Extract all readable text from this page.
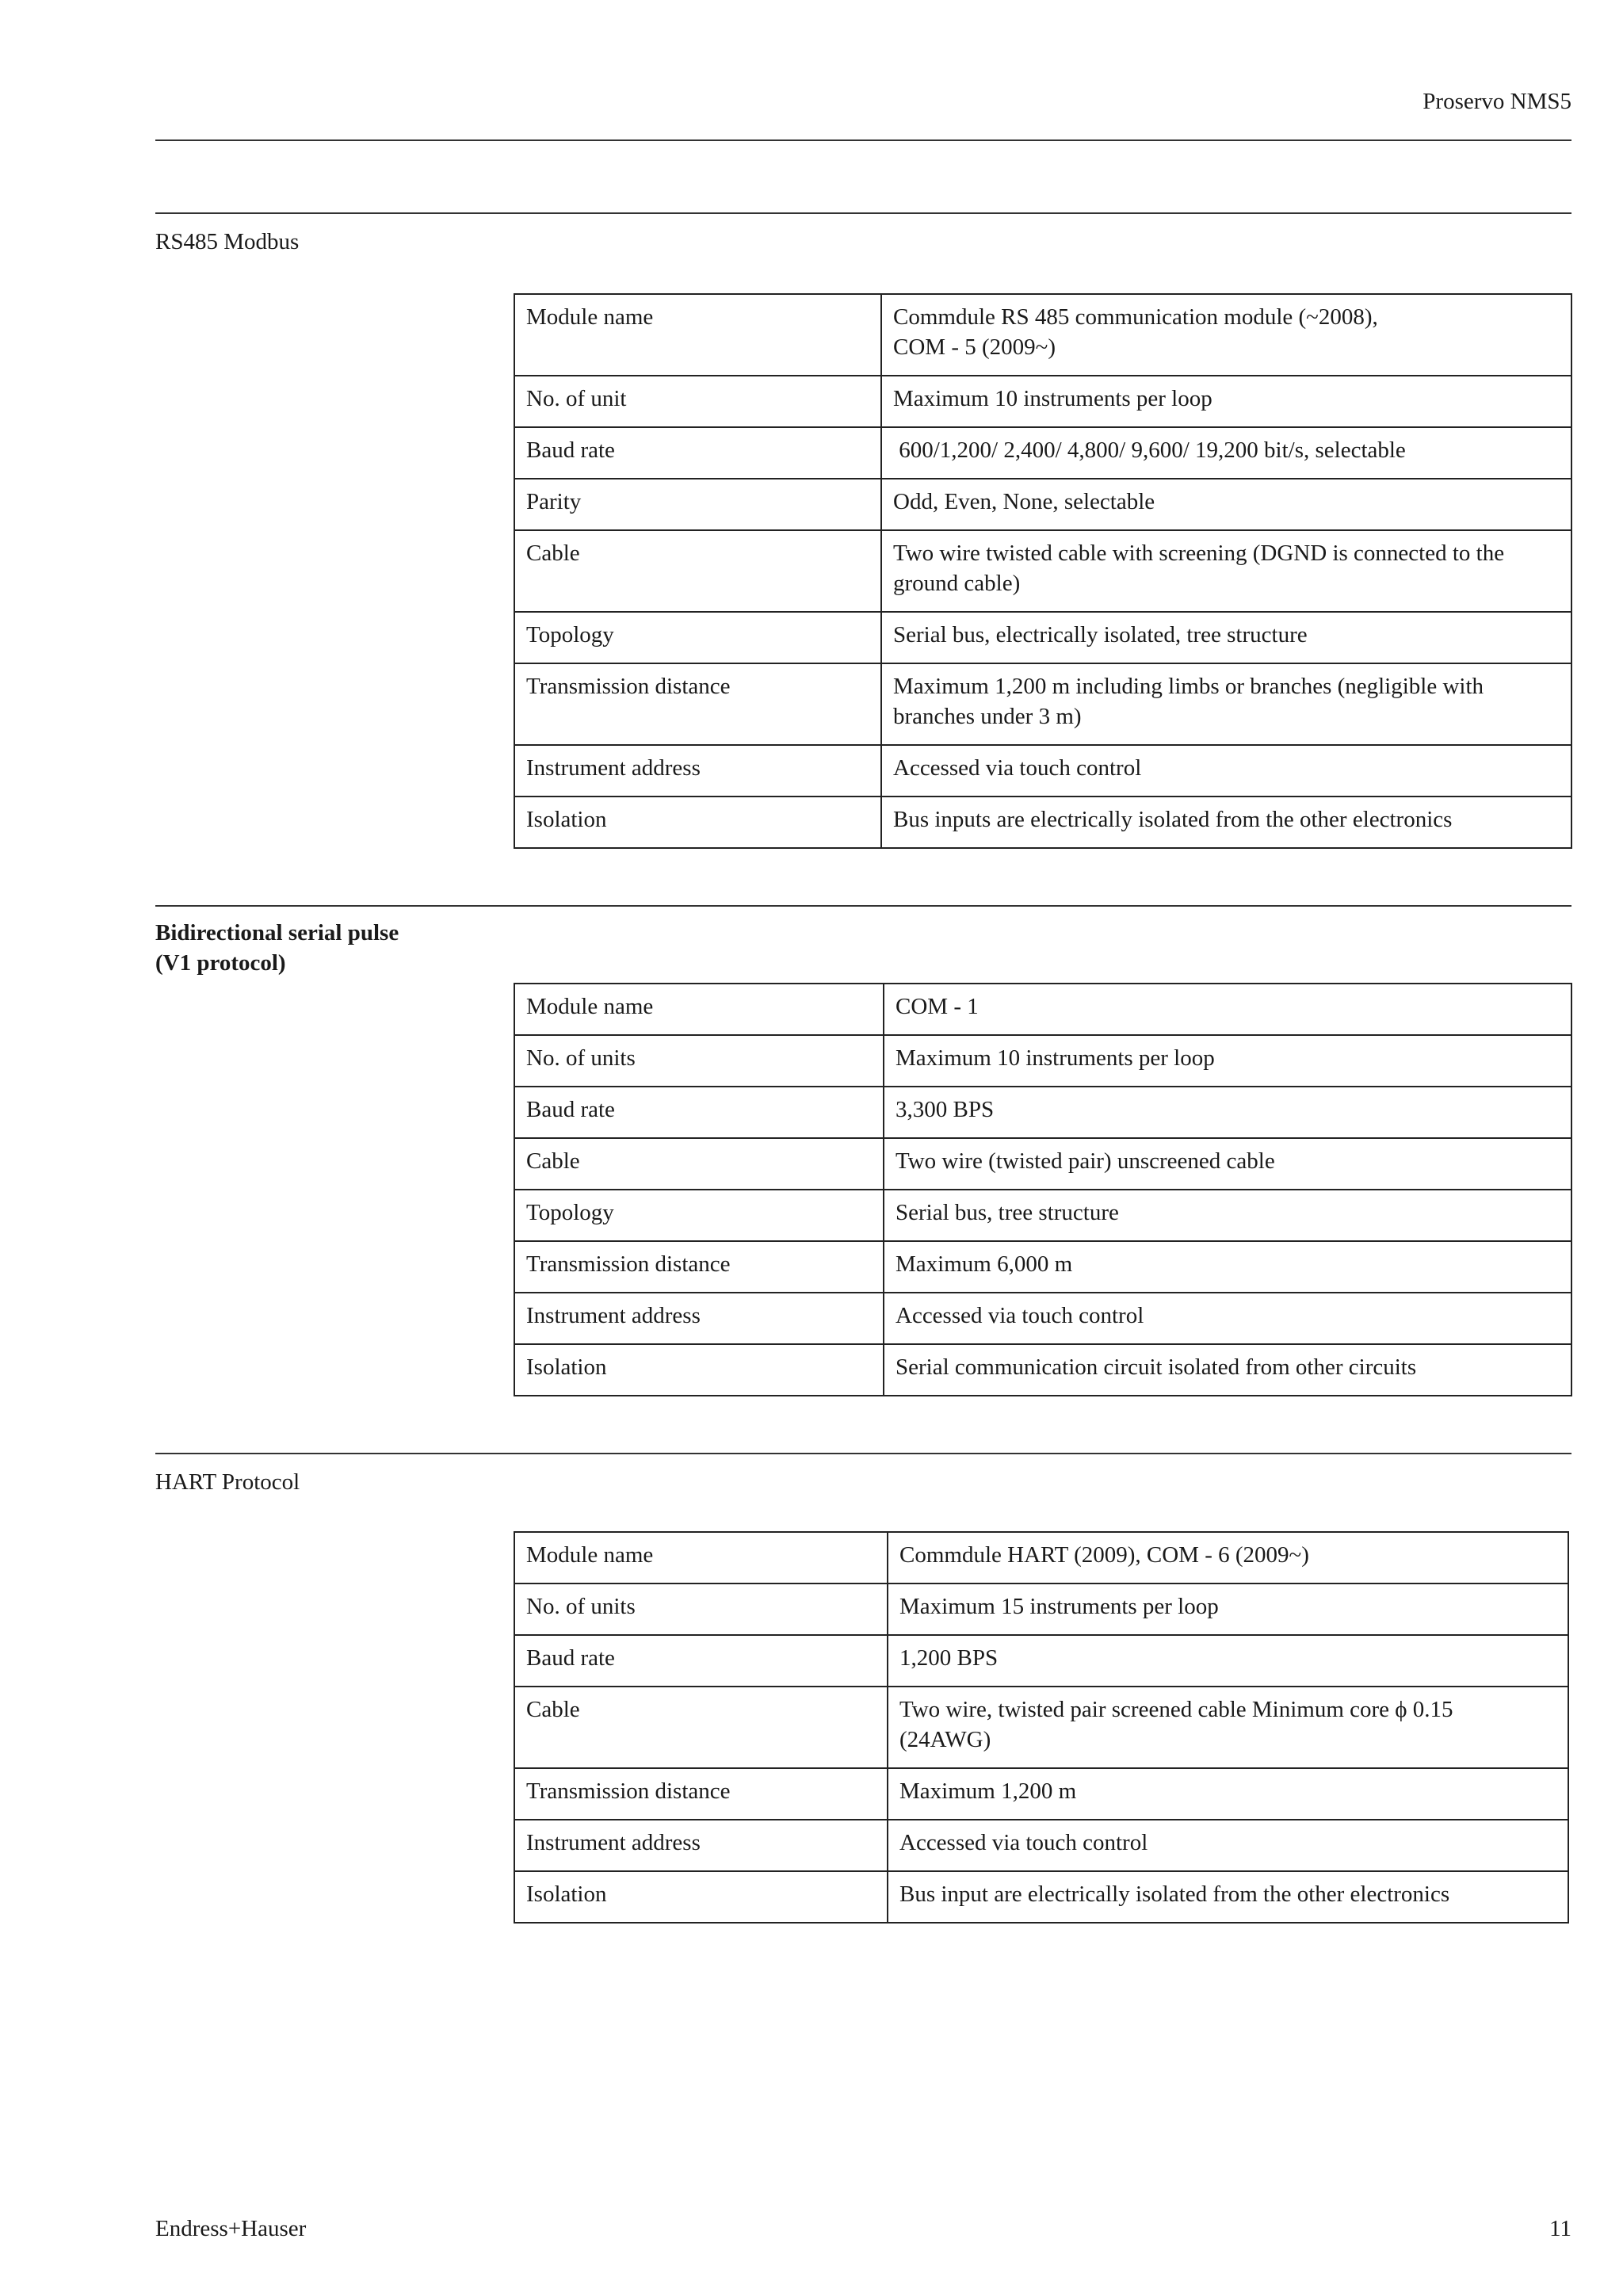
Proservo NMS5
RS485 Modbus
Module name	Commdule RS 485 communication module (~2008),
COM - 5 (2009~)

No. of unit	Maximum 10 instruments per loop

Baud rate	600/1,200/ 2,400/ 4,800/ 9,600/ 19,200 bit/s, selectable

Parity	Odd, Even, None, selectable

Cable	Two wire twisted cable with screening (DGND is connected to the
ground cable)

Topology	Serial bus, electrically isolated, tree structure

Transmission distance	Maximum 1,200 m including limbs or branches (negligible with
branches under 3 m)

Instrument address	Accessed via touch control

Isolation	Bus inputs are electrically isolated from the other electronics
Bidirectional serial pulse
(V1 protocol)
Module name	COM - 1

No. of units	Maximum 10 instruments per loop

Baud rate	3,300 BPS

Cable	Two wire (twisted pair) unscreened cable

Topology	Serial bus, tree structure

Transmission distance	Maximum 6,000 m

Instrument address	Accessed via touch control

Isolation	Serial communication circuit isolated from other circuits
HART Protocol
Module name	Commdule HART (2009), COM - 6 (2009~)

No. of units	Maximum 15 instruments per loop

Baud rate	1,200 BPS

Cable	Two wire, twisted pair screened cable Minimum core ϕ 0.15
(24AWG)

Transmission distance	Maximum 1,200 m

Instrument address	Accessed via touch control

Isolation	Bus input are electrically isolated from the other electronics
Endress+Hauser	11
